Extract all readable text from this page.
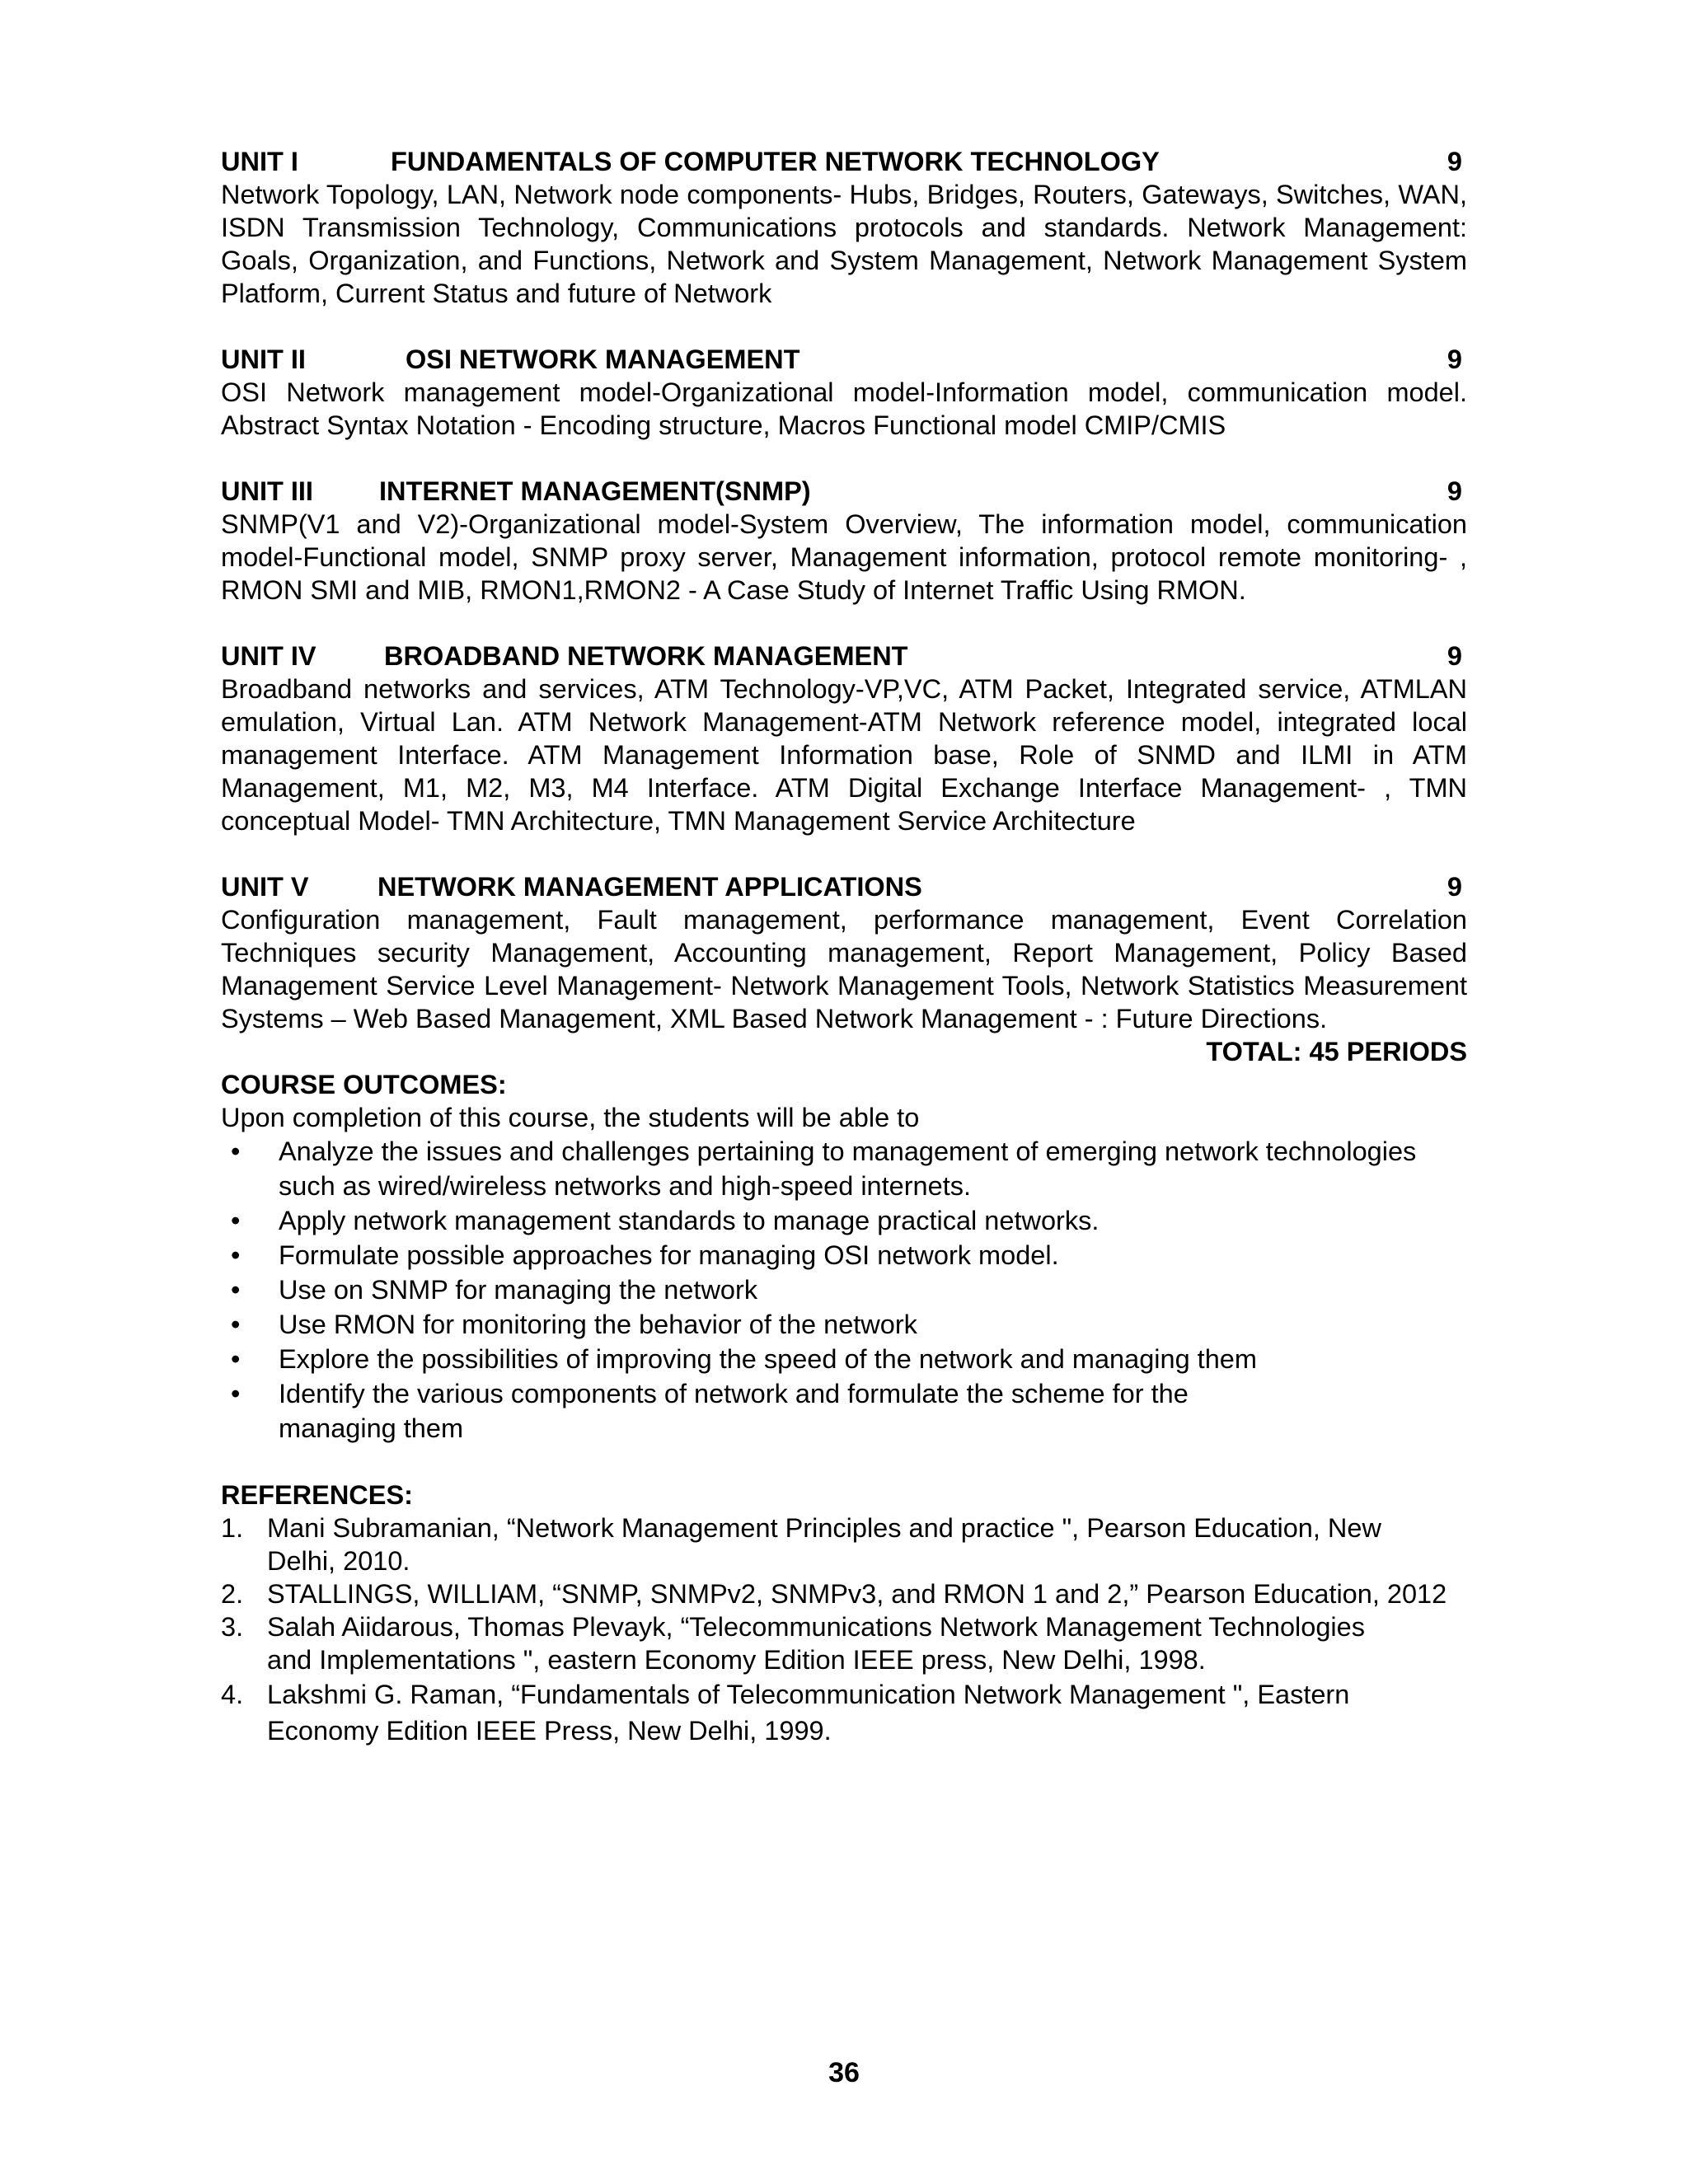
UNIT I	FUNDAMENTALS OF COMPUTER NETWORK TECHNOLOGY	9
Network Topology, LAN, Network node components- Hubs, Bridges, Routers, Gateways, Switches, WAN, ISDN Transmission Technology, Communications protocols and standards. Network Management: Goals, Organization, and Functions, Network and System Management, Network Management System Platform, Current Status and future of Network
UNIT II	OSI NETWORK MANAGEMENT	9
OSI Network management model-Organizational model-Information model, communication model. Abstract Syntax Notation - Encoding structure, Macros Functional model CMIP/CMIS
UNIT III	INTERNET MANAGEMENT(SNMP)	9
SNMP(V1 and V2)-Organizational model-System Overview, The information model, communication model-Functional model, SNMP proxy server, Management information, protocol remote monitoring- , RMON SMI and MIB, RMON1,RMON2 - A Case Study of Internet Traffic Using RMON.
UNIT IV	BROADBAND NETWORK MANAGEMENT	9
Broadband networks and services, ATM Technology-VP,VC, ATM Packet, Integrated service, ATMLAN emulation, Virtual Lan. ATM Network Management-ATM Network reference model, integrated local management Interface. ATM Management Information base, Role of SNMD and ILMI in ATM Management, M1, M2, M3, M4 Interface. ATM Digital Exchange Interface Management- , TMN conceptual Model- TMN Architecture, TMN Management Service Architecture
UNIT V	NETWORK MANAGEMENT APPLICATIONS	9
Configuration management, Fault management, performance management, Event Correlation Techniques security Management, Accounting management, Report Management, Policy Based Management Service Level Management- Network Management Tools, Network Statistics Measurement Systems – Web Based Management, XML Based Network Management - : Future Directions.
TOTAL: 45 PERIODS
COURSE OUTCOMES:
Upon completion of this course, the students will be able to
• Analyze the issues and challenges pertaining to management of emerging network technologies such as wired/wireless networks and high-speed internets.
• Apply network management standards to manage practical networks.
• Formulate possible approaches for managing OSI network model.
• Use on SNMP for managing the network
• Use RMON for monitoring the behavior of the network
• Explore the possibilities of improving the speed of the network and managing them
• Identify the various components of network and formulate the scheme for the managing them
REFERENCES:
1. Mani Subramanian, “Network Management Principles and practice ", Pearson Education, New Delhi, 2010.
2. STALLINGS, WILLIAM, “SNMP, SNMPv2, SNMPv3, and RMON 1 and 2,” Pearson Education, 2012
3. Salah Aiidarous, Thomas Plevayk, “Telecommunications Network Management Technologies and Implementations ", eastern Economy Edition IEEE press, New Delhi, 1998.
4. Lakshmi G. Raman, “Fundamentals of Telecommunication Network Management ", Eastern Economy Edition IEEE Press, New Delhi, 1999.
36
